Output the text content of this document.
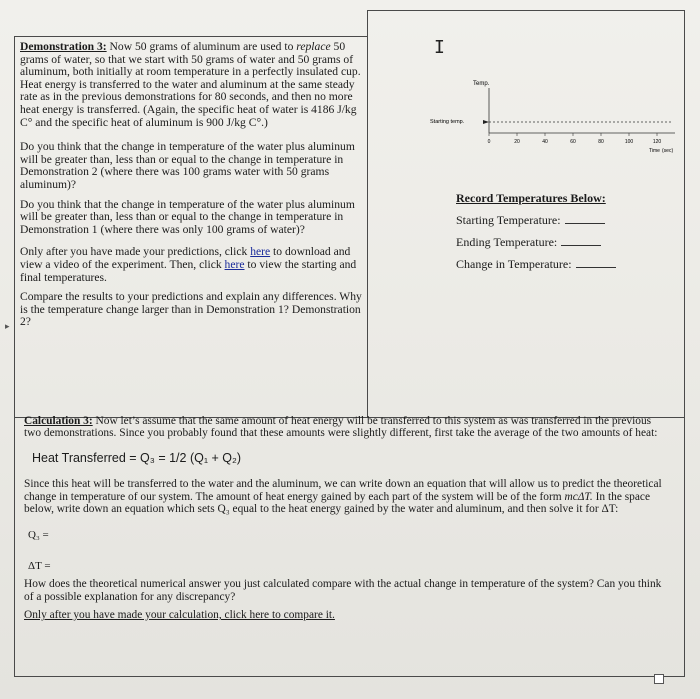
I
▸

Demonstration 3: Now 50 grams of aluminum are used to replace 50 grams of water, so that we start with 50 grams of water and 50 grams of aluminum, both initially at room temperature in a perfectly insulated cup. Heat energy is transferred to the water and aluminum at the same steady rate as in the previous demonstrations for 80 seconds, and then no more heat energy is transferred. (Again, the specific heat of water is 4186 J/kg C° and the specific heat of aluminum is 900 J/kg C°.)

Do you think that the change in temperature of the water plus aluminum will be greater than, less than or equal to the change in temperature in Demonstration 2 (where there was 100 grams water with 50 grams aluminum)?

Do you think that the change in temperature of the water plus aluminum will be greater than, less than or equal to the change in temperature in Demonstration 1 (where there was only 100 grams of water)?

Only after you have made your predictions, click here to download and view a video of the experiment. Then, click here to view the starting and final temperatures.

Compare the results to your predictions and explain any differences. Why is the temperature change larger than in Demonstration 1? Demonstration 2?

Temp.
Starting temp.
0	20	40	60	80	100	120
Time (sec)
Record Temperatures Below:
Starting Temperature:
Ending Temperature:
Change in Temperature:

Calculation 3: Now let’s assume that the same amount of heat energy will be transferred to this system as was transferred in the previous two demonstrations. Since you probably found that these amounts were slightly different, first take the average of the two amounts of heat:

Heat Transferred = Q₃ = 1/2 (Q₁ + Q₂)

Since this heat will be transferred to the water and the aluminum, we can write down an equation that will allow us to predict the theoretical change in temperature of our system. The amount of heat energy gained by each part of the system will be of the form mcΔT. In the space below, write down an equation which sets Q₃ equal to the heat energy gained by the water and aluminum, and then solve it for ΔT:

Q₃ =
ΔT =

How does the theoretical numerical answer you just calculated compare with the actual change in temperature of the system? Can you think of a possible explanation for any discrepancy?

Only after you have made your calculation, click here to compare it.
